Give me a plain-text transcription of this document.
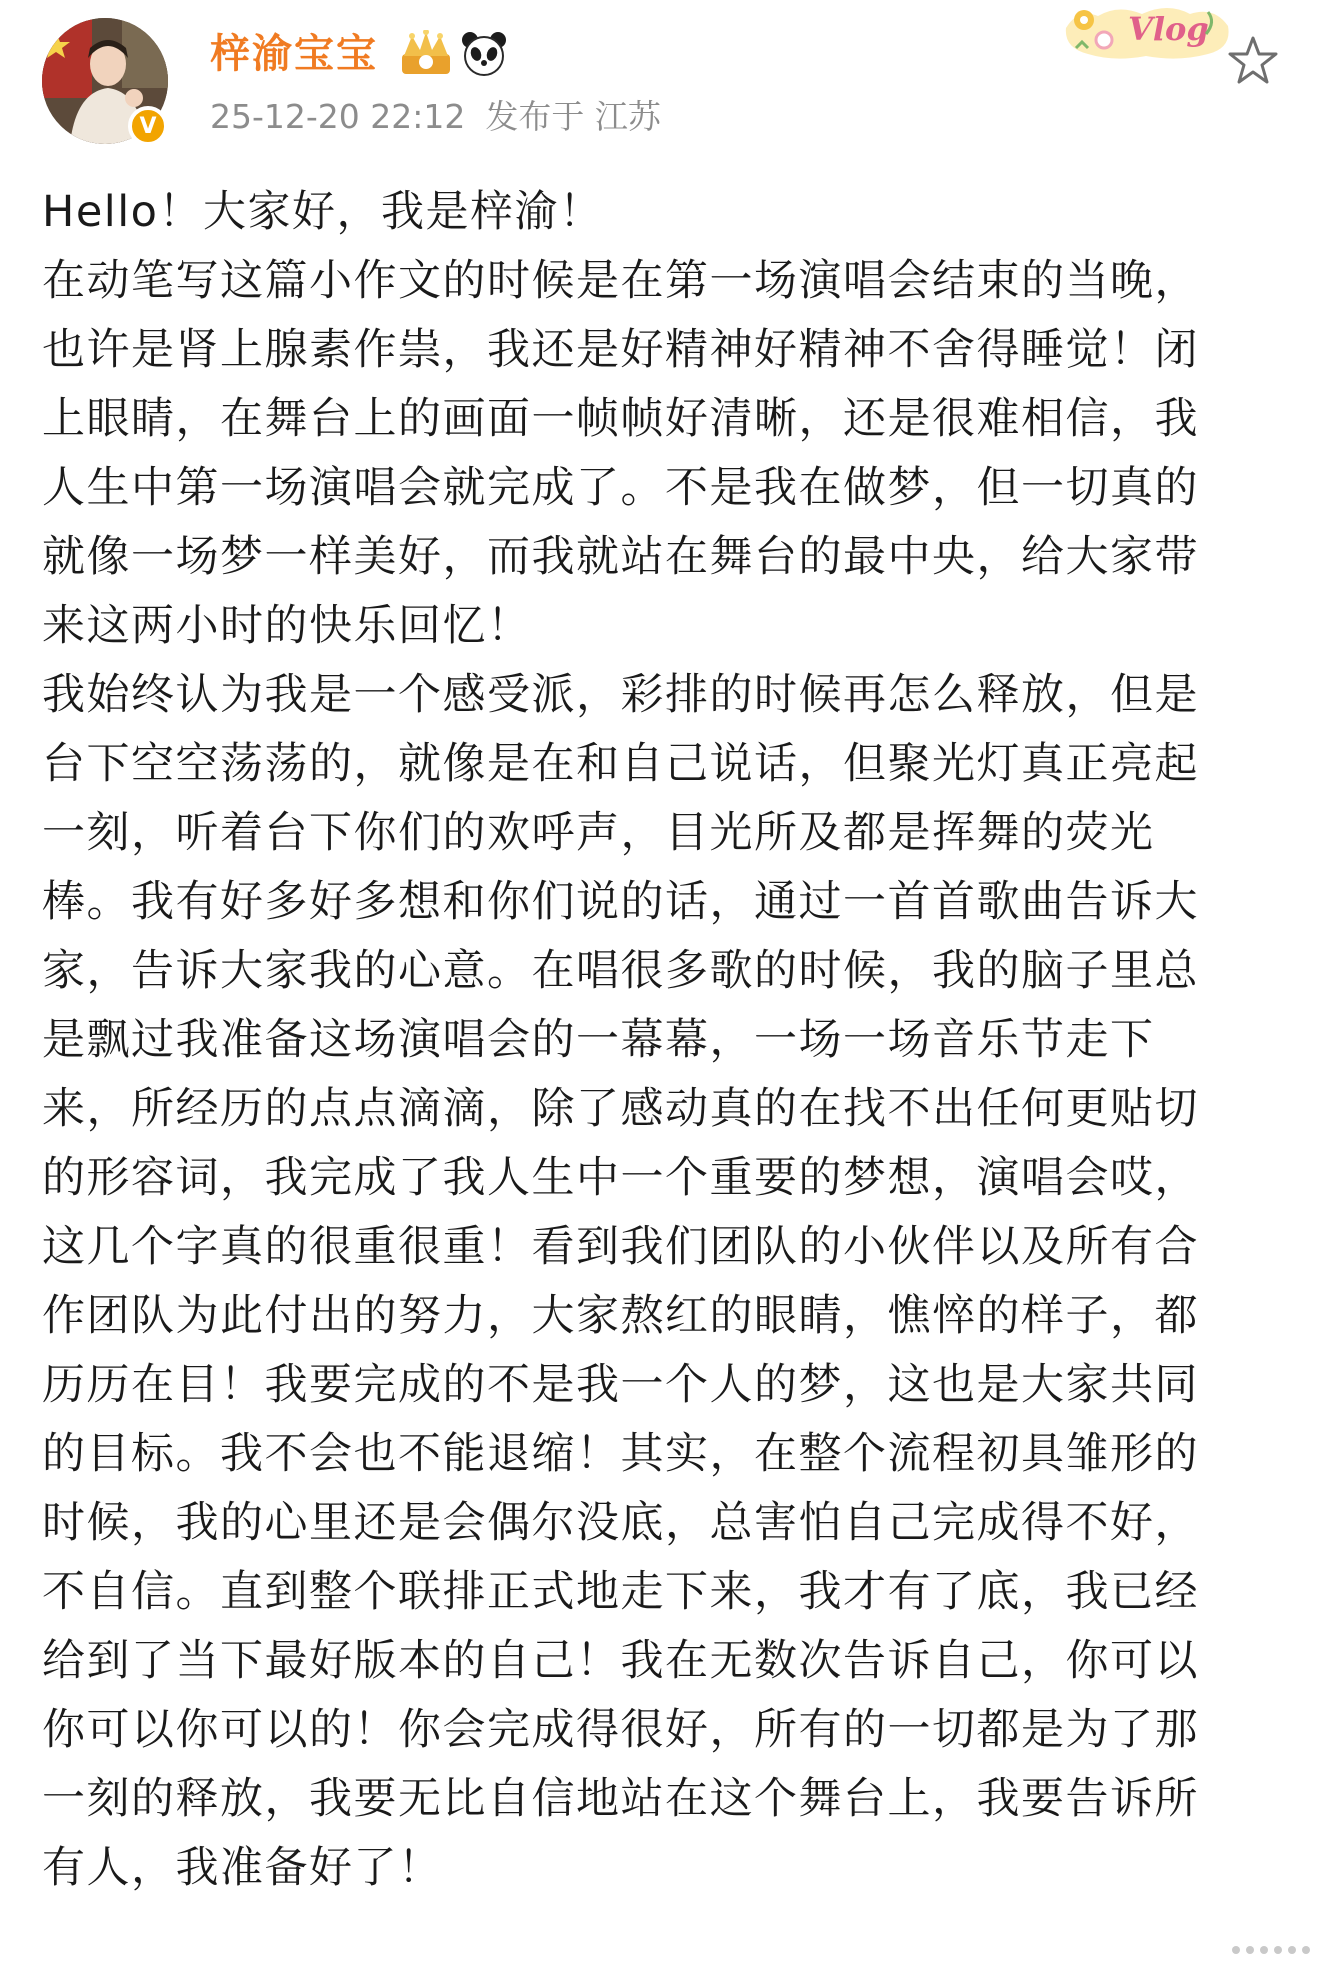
V
梓渝宝宝
25-12-20 22:12 发布于 江苏
Vlog

Hello！大家好，我是梓渝！

在动笔写这篇小作文的时候是在第一场演唱会结束的当晚，也许是肾上腺素作祟，我还是好精神好精神不舍得睡觉！闭上眼睛，在舞台上的画面一帧帧好清晰，还是很难相信，我人生中第一场演唱会就完成了。不是我在做梦，但一切真的就像一场梦一样美好，而我就站在舞台的最中央，给大家带来这两小时的快乐回忆！

我始终认为我是一个感受派，彩排的时候再怎么释放，但是台下空空荡荡的，就像是在和自己说话，但聚光灯真正亮起一刻，听着台下你们的欢呼声，目光所及都是挥舞的荧光棒。我有好多好多想和你们说的话，通过一首首歌曲告诉大家，告诉大家我的心意。在唱很多歌的时候，我的脑子里总是飘过我准备这场演唱会的一幕幕，一场一场音乐节走下来，所经历的点点滴滴，除了感动真的在找不出任何更贴切的形容词，我完成了我人生中一个重要的梦想，演唱会哎，这几个字真的很重很重！看到我们团队的小伙伴以及所有合作团队为此付出的努力，大家熬红的眼睛，憔悴的样子，都历历在目！我要完成的不是我一个人的梦，这也是大家共同的目标。我不会也不能退缩！其实，在整个流程初具雏形的时候，我的心里还是会偶尔没底，总害怕自己完成得不好，不自信。直到整个联排正式地走下来，我才有了底，我已经给到了当下最好版本的自己！我在无数次告诉自己，你可以你可以你可以的！你会完成得很好，所有的一切都是为了那一刻的释放，我要无比自信地站在这个舞台上，我要告诉所有人，我准备好了！
